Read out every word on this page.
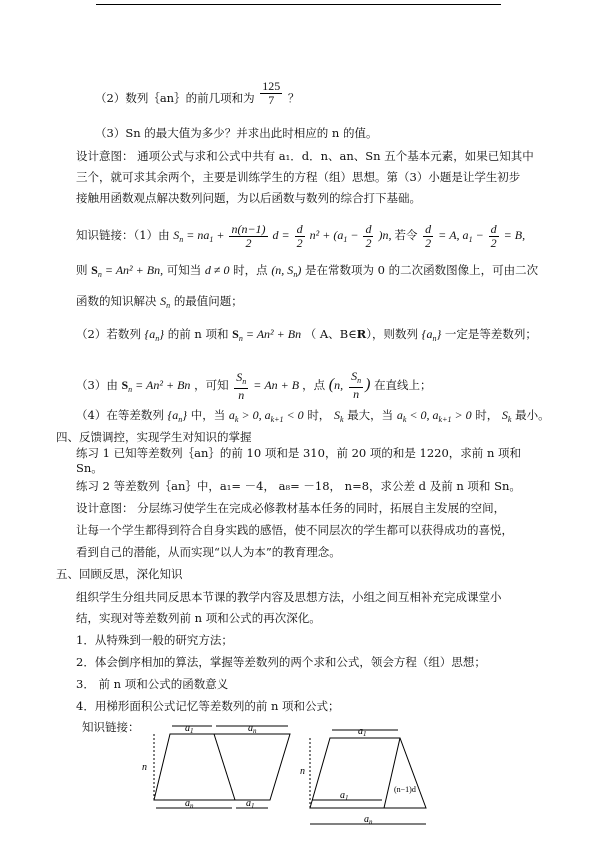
（2）数列｛an｝的前几项和为 $\frac{125}{7}$ ？
（3）Sn 的最大值为多少？并求出此时相应的 n 的值。
设计意图： 通项公式与求和公式中共有 a₁．d．n、an、Sn 五个基本元素，如果已知其中
三个，就可求其余两个，主要是训练学生的方程（组）思想。第（3）小题是让学生初步
接触用函数观点解决数列问题，为以后函数与数列的综合打下基础。
知识链接：（1）由 $S_n = na_1 + \frac{n(n-1)}{2}$ $d = \frac{d}{2} n^2 + (a_1 - \frac{d}{2} )n$, 若令 $\frac{d}{2} = A$, $a_1 - \frac{d}{2} = B$,
则 $S_n = An^2 + Bn$, 可知当 d ≠ 0 时，点 (n, $S_n$) 是在常数项为 0 的二次函数图像上，可由二次
函数的知识解决 $S_n$ 的最值问题；
（2）若数列 $\{a_n\}$ 的前 n 项和 $S_n = An^2 + Bn$ （ A、B∈R），则数列 $\{a_n\}$ 一定是等差数列；
（3）由 $S_n = An^2 + Bn$ ，可知 $\frac{S_n}{n} = An + B$ ，点 (n, $\frac{S_n}{n}$ ) 在直线上；
（4）在等差数列 $\{a_n\}$ 中，当 $a_k > 0$, $a_{k+1} < 0$ 时， $S_k$ 最大，当 $a_k < 0$, $a_{k+1} > 0$ 时， $S_k$ 最小。
四、反馈调控，实现学生对知识的掌握
练习 1 已知等差数列｛an｝的前 10 项和是 310，前 20 项的和是 1220，求前 n 项和
Sn。
练习 2 等差数列｛an｝中，a₁= －4， a₈= －18， n=8，求公差 d 及前 n 项和 Sn。
设计意图： 分层练习使学生在完成必修教材基本任务的同时，拓展自主发展的空间，
让每一个学生都得到符合自身实践的感悟，使不同层次的学生都可以获得成功的喜悦，
看到自己的潜能，从而实现“以人为本”的教育理念。
五、回顾反思，深化知识
组织学生分组共同反思本节课的教学内容及思想方法，小组之间互相补充完成课堂小
结，实现对等差数列前 n 项和公式的再次深化。
1．从特殊到一般的研究方法；
2．体会倒序相加的算法，掌握等差数列的两个求和公式，领会方程（组）思想；
3． 前 n 项和公式的函数意义
4．用梯形面积公式记忆等差数列的前 n 项和公式；
知识链接：	$a_1$	$a_n$
n
$a_n$	$a_1$
$a_1$
n
$a_1$
(n−1)d
$a_n$
